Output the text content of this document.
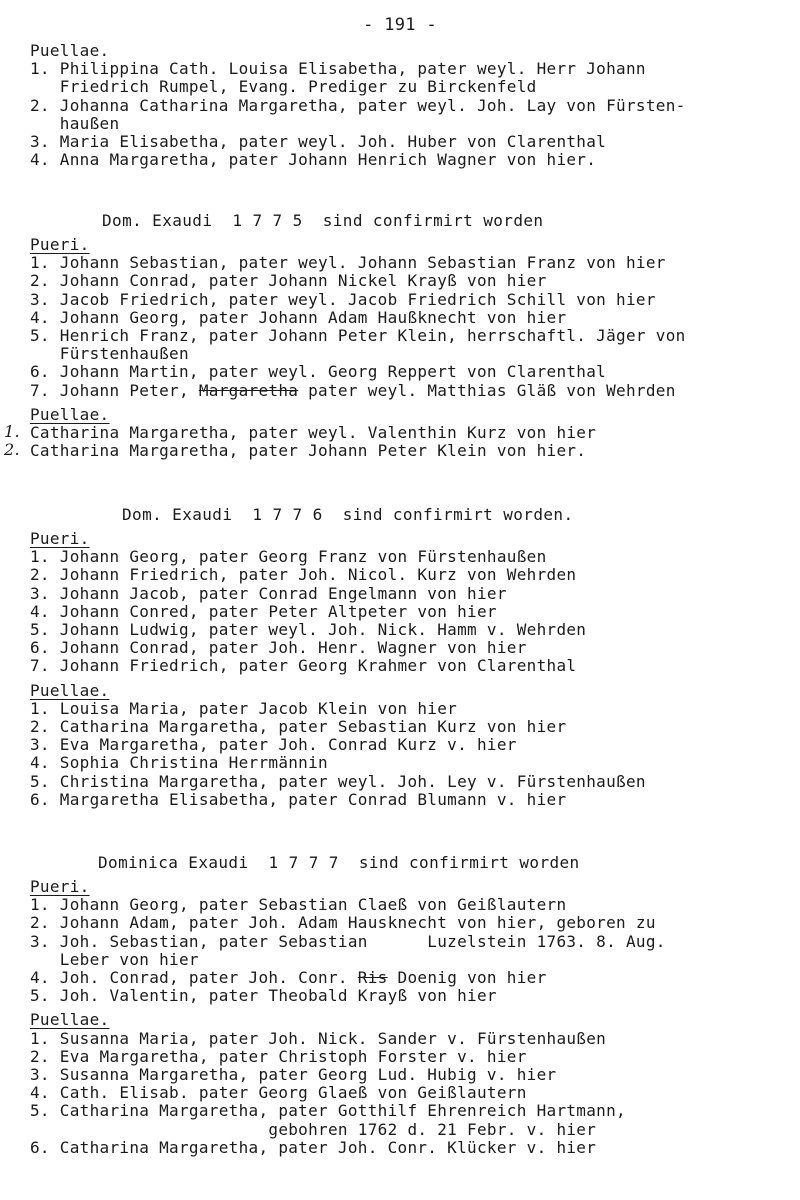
- 191 -
Puellae.
1. Philippina Cath. Louisa Elisabetha, pater weyl. Herr Johann
Friedrich Rumpel, Evang. Prediger zu Birckenfeld
2. Johanna Catharina Margaretha, pater weyl. Joh. Lay von Fürsten-
haußen
3. Maria Elisabetha, pater weyl. Joh. Huber von Clarenthal
4. Anna Margaretha, pater Johann Henrich Wagner von hier.
Dom. Exaudi  1 7 7 5  sind confirmirt worden
Pueri.
1. Johann Sebastian, pater weyl. Johann Sebastian Franz von hier
2. Johann Conrad, pater Johann Nickel Krayß von hier
3. Jacob Friedrich, pater weyl. Jacob Friedrich Schill von hier
4. Johann Georg, pater Johann Adam Haußknecht von hier
5. Henrich Franz, pater Johann Peter Klein, herrschaftl. Jäger von
Fürstenhaußen
6. Johann Martin, pater weyl. Georg Reppert von Clarenthal
7. Johann Peter, Margaretha pater weyl. Matthias Gläß von Wehrden
Puellae.
Catharina Margaretha, pater weyl. Valenthin Kurz von hier
1.
Catharina Margaretha, pater Johann Peter Klein von hier.
2.
Dom. Exaudi  1 7 7 6  sind confirmirt worden.
Pueri.
1. Johann Georg, pater Georg Franz von Fürstenhaußen
2. Johann Friedrich, pater Joh. Nicol. Kurz von Wehrden
3. Johann Jacob, pater Conrad Engelmann von hier
4. Johann Conred, pater Peter Altpeter von hier
5. Johann Ludwig, pater weyl. Joh. Nick. Hamm v. Wehrden
6. Johann Conrad, pater Joh. Henr. Wagner von hier
7. Johann Friedrich, pater Georg Krahmer von Clarenthal
Puellae.
1. Louisa Maria, pater Jacob Klein von hier
2. Catharina Margaretha, pater Sebastian Kurz von hier
3. Eva Margaretha, pater Joh. Conrad Kurz v. hier
4. Sophia Christina Herrmännin
5. Christina Margaretha, pater weyl. Joh. Ley v. Fürstenhaußen
6. Margaretha Elisabetha, pater Conrad Blumann v. hier
Dominica Exaudi  1 7 7 7  sind confirmirt worden
Pueri.
1. Johann Georg, pater Sebastian Claeß von Geißlautern
2. Johann Adam, pater Joh. Adam Hausknecht von hier, geboren zu
3. Joh. Sebastian, pater Sebastian      Luzelstein 1763. 8. Aug.
Leber von hier
4. Joh. Conrad, pater Joh. Conr. Ris Doenig von hier
5. Joh. Valentin, pater Theobald Krayß von hier
Puellae.
1. Susanna Maria, pater Joh. Nick. Sander v. Fürstenhaußen
2. Eva Margaretha, pater Christoph Forster v. hier
3. Susanna Margaretha, pater Georg Lud. Hubig v. hier
4. Cath. Elisab. pater Georg Glaeß von Geißlautern
5. Catharina Margaretha, pater Gotthilf Ehrenreich Hartmann,
gebohren 1762 d. 21 Febr. v. hier
6. Catharina Margaretha, pater Joh. Conr. Klücker v. hier
